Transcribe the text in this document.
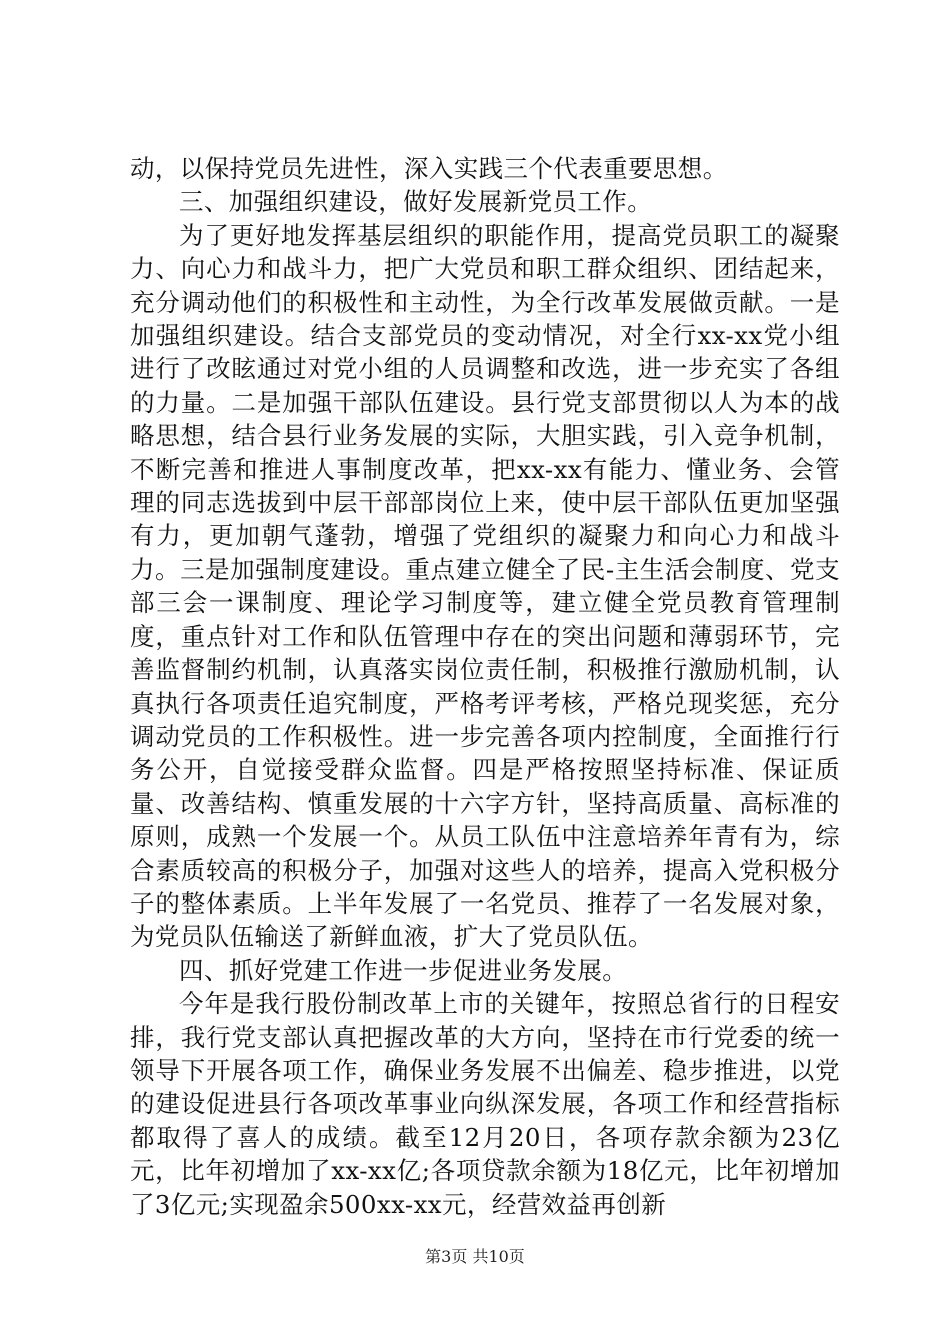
动，以保持党员先进性，深入实践三个代表重要思想。

三、加强组织建设，做好发展新党员工作。

为了更好地发挥基层组织的职能作用，提高党员职工的凝聚力、向心力和战斗力，把广大党员和职工群众组织、团结起来，充分调动他们的积极性和主动性，为全行改革发展做贡献。一是加强组织建设。结合支部党员的变动情况，对全行xx-xx党小组进行了改眩通过对党小组的人员调整和改选，进一步充实了各组的力量。二是加强干部队伍建设。县行党支部贯彻以人为本的战略思想，结合县行业务发展的实际，大胆实践，引入竞争机制，不断完善和推进人事制度改革，把xx-xx有能力、懂业务、会管理的同志选拔到中层干部部岗位上来，使中层干部队伍更加坚强有力，更加朝气蓬勃，增强了党组织的凝聚力和向心力和战斗力。三是加强制度建设。重点建立健全了民-主生活会制度、党支部三会一课制度、理论学习制度等，建立健全党员教育管理制度，重点针对工作和队伍管理中存在的突出问题和薄弱环节，完善监督制约机制，认真落实岗位责任制，积极推行激励机制，认真执行各项责任追究制度，严格考评考核，严格兑现奖惩，充分调动党员的工作积极性。进一步完善各项内控制度，全面推行行务公开，自觉接受群众监督。四是严格按照坚持标准、保证质量、改善结构、慎重发展的十六字方针，坚持高质量、高标准的原则，成熟一个发展一个。从员工队伍中注意培养年青有为，综合素质较高的积极分子，加强对这些人的培养，提高入党积极分子的整体素质。上半年发展了一名党员、推荐了一名发展对象，为党员队伍输送了新鲜血液，扩大了党员队伍。

四、抓好党建工作进一步促进业务发展。

今年是我行股份制改革上市的关键年，按照总省行的日程安排，我行党支部认真把握改革的大方向，坚持在市行党委的统一领导下开展各项工作，确保业务发展不出偏差、稳步推进，以党的建设促进县行各项改革事业向纵深发展，各项工作和经营指标都取得了喜人的成绩。截至12月20日，各项存款余额为23亿元，比年初增加了xx-xx亿;各项贷款余额为18亿元，比年初增加了3亿元;实现盈余500xx-xx元，经营效益再创新

第3页 共10页
